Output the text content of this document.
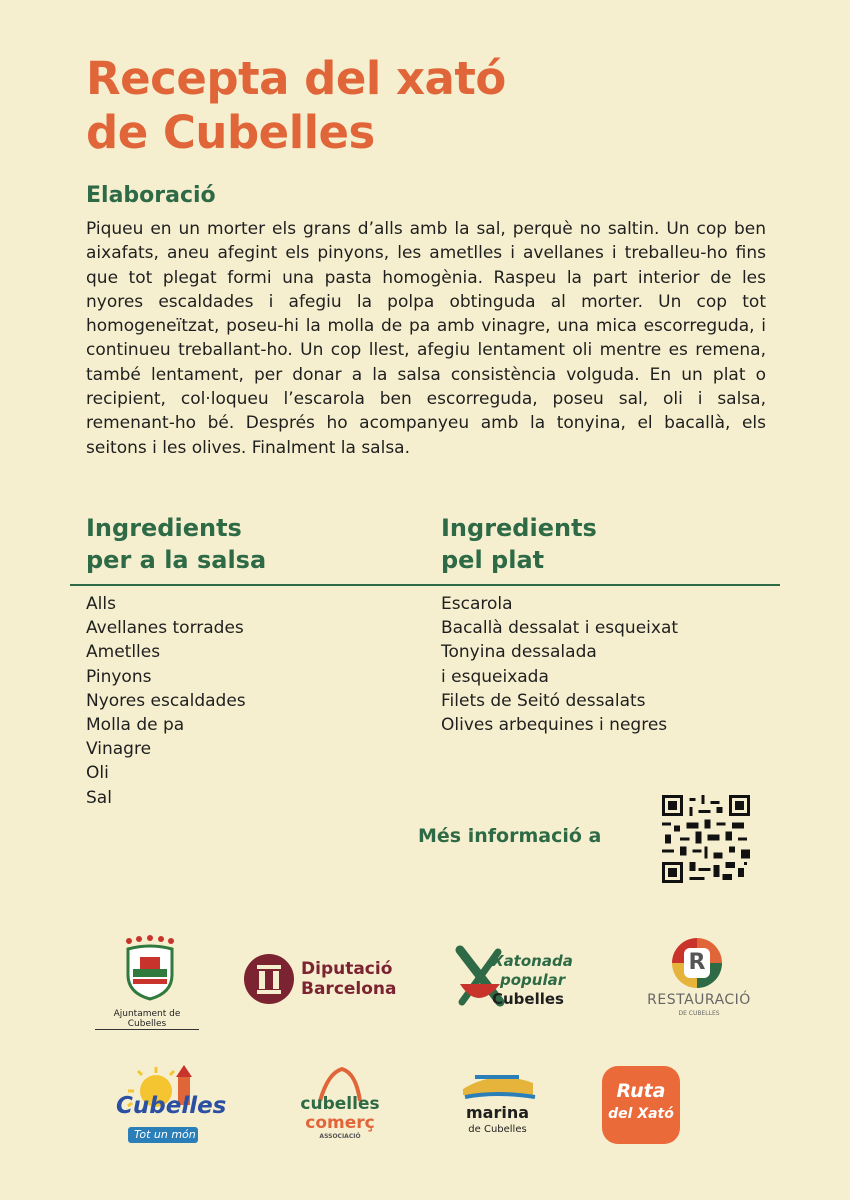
Recepta del xató
de Cubelles
Elaboració

Piqueu en un morter els grans d’alls amb la sal, perquè no saltin. Un cop ben aixafats, aneu afegint els pinyons, les ametlles i avellanes i treballeu-ho fins que tot plegat formi una pasta homogènia. Raspeu la part interior de les nyores escaldades i afegiu la polpa obtinguda al morter. Un cop tot homogeneïtzat, poseu-hi la molla de pa amb vinagre, una mica escorreguda, i continueu treballant-ho. Un cop llest, afegiu lentament oli mentre es remena, també lentament, per donar a la salsa consistència volguda. En un plat o recipient, col·loqueu l’escarola ben escorreguda, poseu sal, oli i salsa, remenant-ho bé. Després ho acompanyeu amb la tonyina, el bacallà, els seitons i les olives. Finalment la salsa.

Ingredients
per a la salsa
Ingredients
pel plat
Alls
Avellanes torrades
Ametlles
Pinyons
Nyores escaldades
Molla de pa
Vinagre
Oli
Sal
Escarola
Bacallà dessalat i esqueixat
Tonyina dessalada
i esqueixada
Filets de Seitó dessalats
Olives arbequines i negres
Més informació a
Ajuntament de Cubelles
Diputació
Barcelona
Xatonada
popular
Cubelles
R
RESTAURACIÓ
DE CUBELLES
Cubelles
Tot un món
cubelles
comerç
ASSOCIACIÓ
marina
de Cubelles
Ruta
del Xató
